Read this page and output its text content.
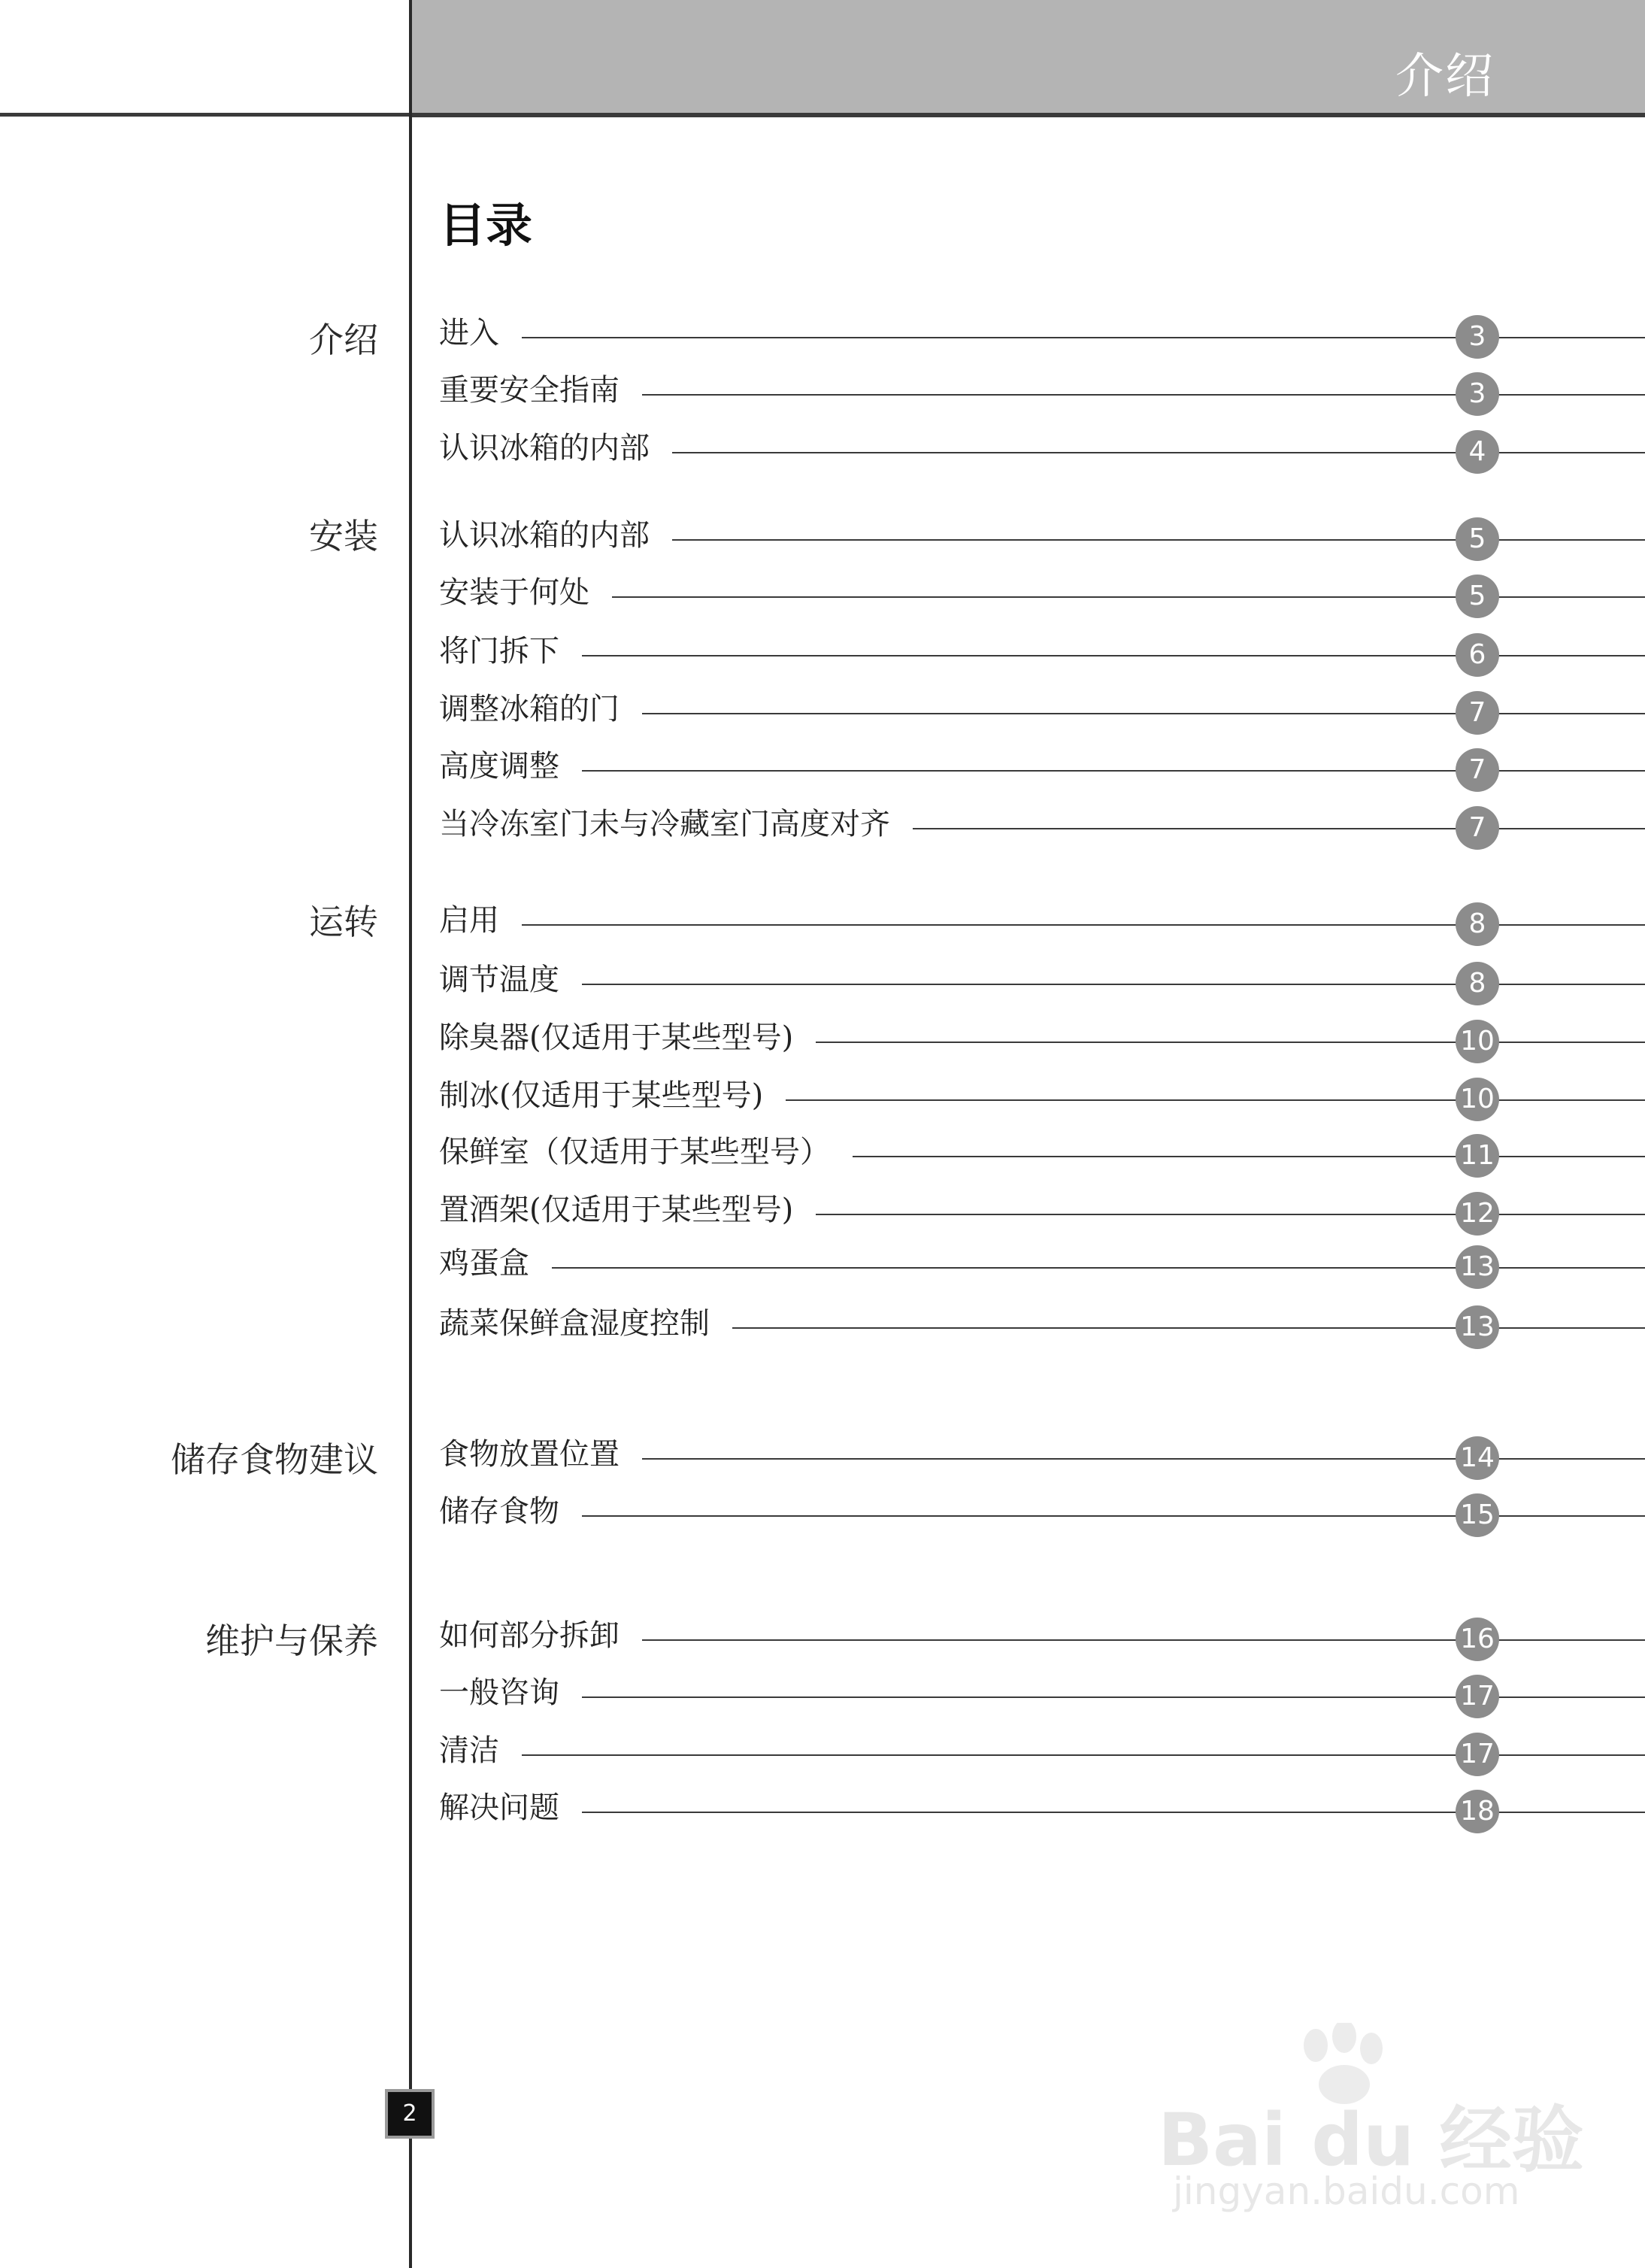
介绍
目录
介绍 进入	3
重要安全指南	3
认识冰箱的内部	4
安装 认识冰箱的内部	5
安装于何处	5
将门拆下	6
调整冰箱的门	7
高度调整	7
当冷冻室门未与冷藏室门高度对齐	7
运转 启用	8
调节温度	8
除臭器(仅适用于某些型号)	10
制冰(仅适用于某些型号)	10
保鲜室（仅适用于某些型号）	11
置酒架(仅适用于某些型号)	12
鸡蛋盒	13
蔬菜保鲜盒湿度控制	13
储存食物建议 食物放置位置	14
储存食物	15
维护与保养 如何部分拆卸	16
一般咨询	17
清洁	17
解决问题	18
2	Bai du 经验
jingyan.baidu.com
